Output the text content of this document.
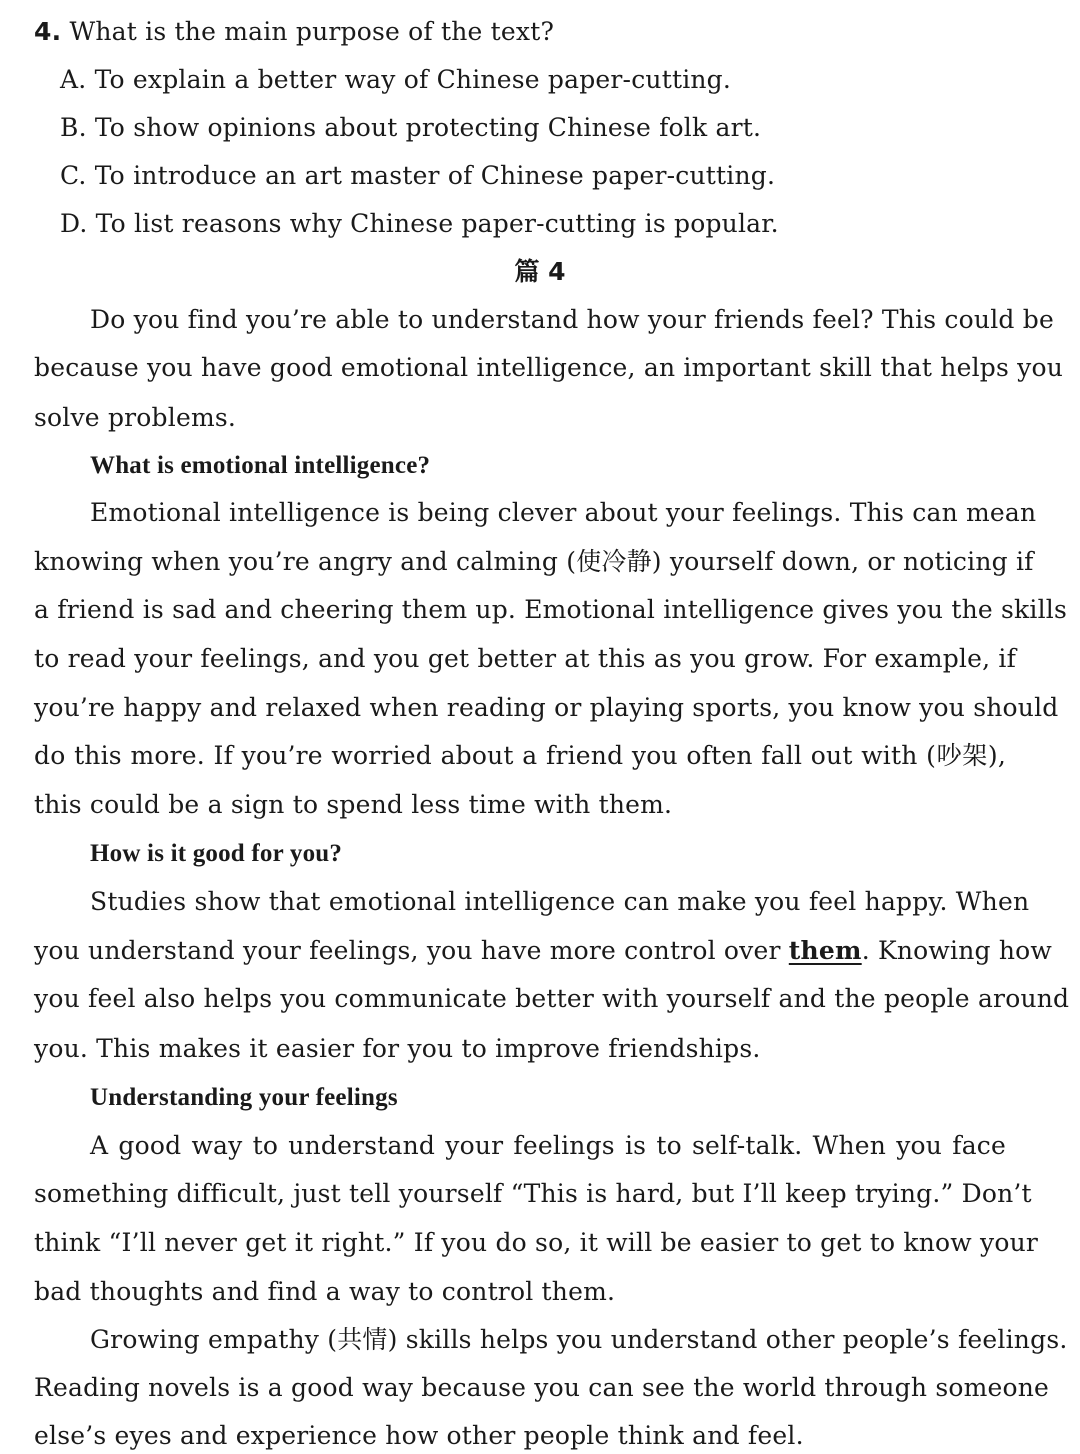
4. What is the main purpose of the text?
A. To explain a better way of Chinese paper-cutting.
B. To show opinions about protecting Chinese folk art.
C. To introduce an art master of Chinese paper-cutting.
D. To list reasons why Chinese paper-cutting is popular.
篇 4
Do you find you’re able to understand how your friends feel? This could be
because you have good emotional intelligence, an important skill that helps you
solve problems.
What is emotional intelligence?
Emotional intelligence is being clever about your feelings. This can mean
knowing when you’re angry and calming (使冷静) yourself down, or noticing if
a friend is sad and cheering them up. Emotional intelligence gives you the skills
to read your feelings, and you get better at this as you grow. For example, if
you’re happy and relaxed when reading or playing sports, you know you should
do this more. If you’re worried about a friend you often fall out with (吵架),
this could be a sign to spend less time with them.
How is it good for you?
Studies show that emotional intelligence can make you feel happy. When
you understand your feelings, you have more control over them. Knowing how
you feel also helps you communicate better with yourself and the people around
you. This makes it easier for you to improve friendships.
Understanding your feelings
A good way to understand your feelings is to self-talk. When you face
something difficult, just tell yourself “This is hard, but I’ll keep trying.” Don’t
think “I’ll never get it right.” If you do so, it will be easier to get to know your
bad thoughts and find a way to control them.
Growing empathy (共情) skills helps you understand other people’s feelings.
Reading novels is a good way because you can see the world through someone
else’s eyes and experience how other people think and feel.
